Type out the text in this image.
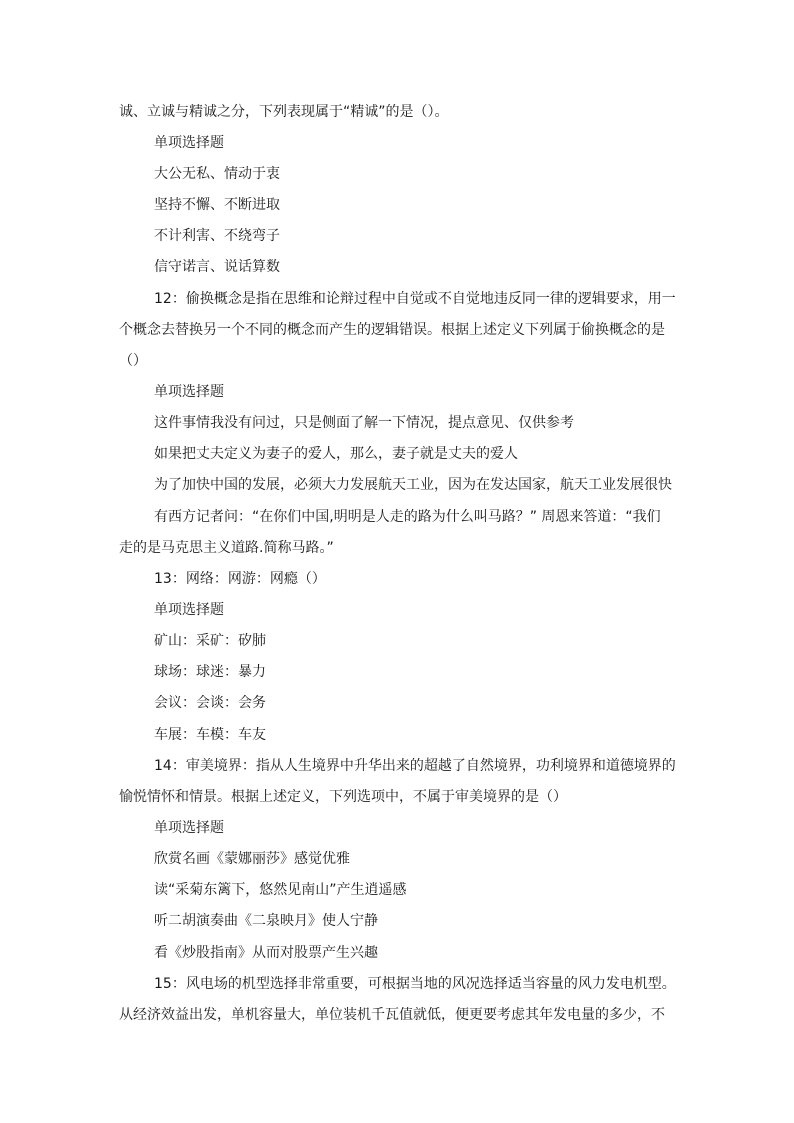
诚、立诚与精诚之分，下列表现属于“精诚”的是（）。
单项选择题
大公无私、情动于衷
坚持不懈、不断进取
不计利害、不绕弯子
信守诺言、说话算数
12：偷换概念是指在思维和论辩过程中自觉或不自觉地违反同一律的逻辑要求，用一
个概念去替换另一个不同的概念而产生的逻辑错误。根据上述定义下列属于偷换概念的是
（）
单项选择题
这件事情我没有问过，只是侧面了解一下情况，提点意见、仅供参考
如果把丈夫定义为妻子的爱人，那么，妻子就是丈夫的爱人
为了加快中国的发展，必须大力发展航天工业，因为在发达国家，航天工业发展很快
有西方记者问：“在你们中国,明明是人走的路为什么叫马路？” 周恩来答道：“我们
走的是马克思主义道路.简称马路。”
13：网络：网游：网瘾（）
单项选择题
矿山：采矿：矽肺
球场：球迷：暴力
会议：会谈：会务
车展：车模：车友
14：审美境界：指从人生境界中升华出来的超越了自然境界，功利境界和道德境界的
愉悦情怀和情景。根据上述定义，下列选项中，不属于审美境界的是（）
单项选择题
欣赏名画《蒙娜丽莎》感觉优雅
读“采菊东篱下，悠然见南山”产生逍遥感
听二胡演奏曲《二泉映月》使人宁静
看《炒股指南》从而对股票产生兴趣
15：风电场的机型选择非常重要，可根据当地的风况选择适当容量的风力发电机型。
从经济效益出发，单机容量大，单位装机千瓦值就低，便更要考虑其年发电量的多少，不
